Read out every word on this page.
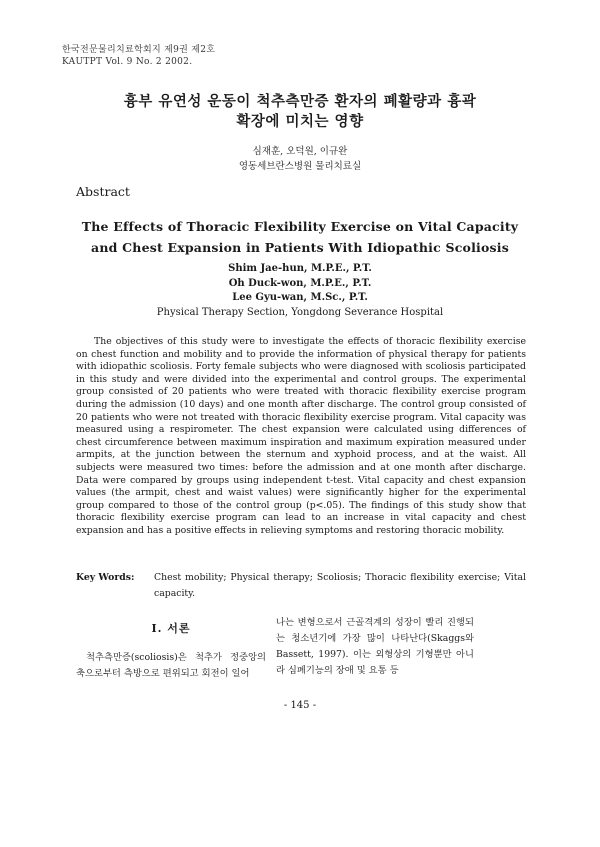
한국전문물리치료학회지 제9권 제2호
KAUTPT Vol. 9 No. 2 2002.
흉부 유연성 운동이 척추측만증 환자의 폐활량과 흉곽
확장에 미치는 영향
심재훈, 오덕원, 이규완
영동세브란스병원 물리치료실
Abstract
The Effects of Thoracic Flexibility Exercise on Vital Capacity
and Chest Expansion in Patients With Idiopathic Scoliosis
Shim Jae-hun, M.P.E., P.T.
Oh Duck-won, M.P.E., P.T.
Lee Gyu-wan, M.Sc., P.T.
Physical Therapy Section, Yongdong Severance Hospital

The objectives of this study were to investigate the effects of thoracic flexibility exercise on chest function and mobility and to provide the information of physical therapy for patients with idiopathic scoliosis. Forty female subjects who were diagnosed with scoliosis participated in this study and were divided into the experimental and control groups. The experimental group consisted of 20 patients who were treated with thoracic flexibility exercise program during the admission (10 days) and one month after discharge. The control group consisted of 20 patients who were not treated with thoracic flexibility exercise program. Vital capacity was measured using a respirometer. The chest expansion were calculated using differences of chest circumference between maximum inspiration and maximum expiration measured under armpits, at the junction between the sternum and xyphoid process, and at the waist. All subjects were measured two times: before the admission and at one month after discharge. Data were compared by groups using independent t-test. Vital capacity and chest expansion values (the armpit, chest and waist values) were significantly higher for the experimental group compared to those of the control group (p<.05). The findings of this study show that thoracic flexibility exercise program can lead to an increase in vital capacity and chest expansion and has a positive effects in relieving symptoms and restoring thoracic mobility.

Key Words:	Chest mobility; Physical therapy; Scoliosis; Thoracic flexibility exercise; Vital capacity.
Ⅰ. 서론

척추측만증(scoliosis)은 척추가 정중앙의 축으로부터 측방으로 편위되고 회전이 일어

나는 변형으로서 근골격계의 성장이 빨리 진행되는 청소년기에 가장 많이 나타난다(Skaggs와 Bassett, 1997). 이는 외형상의 기형뿐만 아니라 심폐기능의 장애 및 요통 등

- 145 -
